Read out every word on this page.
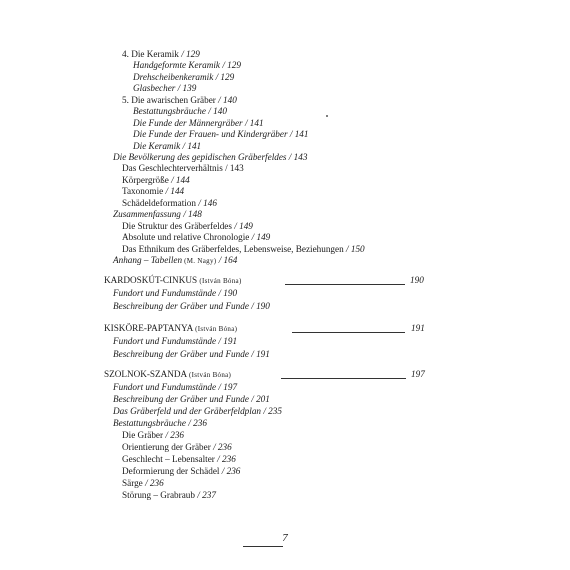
4. Die Keramik / 129
Handgeformte Keramik / 129
Drehscheibenkeramik / 129
Glasbecher / 139
5. Die awarischen Gräber / 140
Bestattungsbräuche / 140
Die Funde der Männergräber / 141
Die Funde der Frauen- und Kindergräber / 141
Die Keramik / 141
Die Bevölkerung des gepidischen Gräberfeldes / 143
Das Geschlechterverhältnis / 143
Körpergröße / 144
Taxonomie / 144
Schädeldeformation / 146
Zusammenfassung / 148
Die Struktur des Gräberfeldes / 149
Absolute und relative Chronologie / 149
Das Ethnikum des Gräberfeldes, Lebensweise, Beziehungen / 150
Anhang – Tabellen (M. Nagy) / 164
KARDOSKÚT-CINKUS (István Bóna)	190
Fundort und Fundumstände / 190
Beschreibung der Gräber und Funde / 190
KISKÖRE-PAPTANYA (István Bóna)	191
Fundort und Fundumstände / 191
Beschreibung der Gräber und Funde / 191
SZOLNOK-SZANDA (István Bóna)	197
Fundort und Fundumstände / 197
Beschreibung der Gräber und Funde / 201
Das Gräberfeld und der Gräberfeldplan / 235
Bestattungsbräuche / 236
7
Die Gräber / 236
Orientierung der Gräber / 236
Geschlecht – Lebensalter / 236
Deformierung der Schädel / 236
Särge / 236
Störung – Grabraub / 237
